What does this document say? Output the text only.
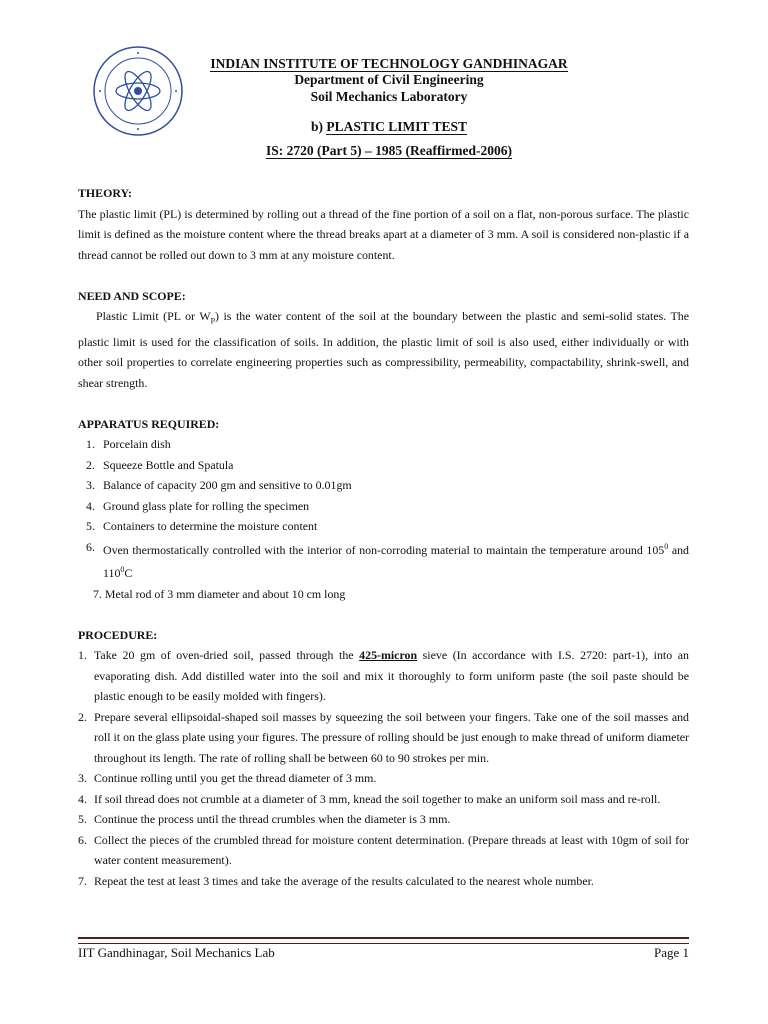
INDIAN INSTITUTE OF TECHNOLOGY GANDHINAGAR
Department of Civil Engineering
Soil Mechanics Laboratory
b) PLASTIC LIMIT TEST
IS: 2720 (Part 5) – 1985 (Reaffirmed-2006)

THEORY:

The plastic limit (PL) is determined by rolling out a thread of the fine portion of a soil on a flat, non-porous surface. The plastic limit is defined as the moisture content where the thread breaks apart at a diameter of 3 mm. A soil is considered non-plastic if a thread cannot be rolled out down to 3 mm at any moisture content.

NEED AND SCOPE:

Plastic Limit (PL or $W_P$) is the water content of the soil at the boundary between the plastic and semi-solid states. The plastic limit is used for the classification of soils. In addition, the plastic limit of soil is also used, either individually or with other soil properties to correlate engineering properties such as compressibility, permeability, compactability, shrink-swell, and shear strength.

APPARATUS REQUIRED:

1. Porcelain dish
2. Squeeze Bottle and Spatula
3. Balance of capacity 200 gm and sensitive to 0.01gm
4. Ground glass plate for rolling the specimen
5. Containers to determine the moisture content
6. Oven thermostatically controlled with the interior of non-corroding material to maintain the temperature around $105^0$ and $110^0C$
7. Metal rod of 3 mm diameter and about 10 cm long

PROCEDURE:

1. Take 20 gm of oven-dried soil, passed through the 425-micron sieve (In accordance with I.S. 2720: part-1), into an evaporating dish. Add distilled water into the soil and mix it thoroughly to form uniform paste (the soil paste should be plastic enough to be easily molded with fingers).
2. Prepare several ellipsoidal-shaped soil masses by squeezing the soil between your fingers. Take one of the soil masses and roll it on the glass plate using your figures. The pressure of rolling should be just enough to make thread of uniform diameter throughout its length. The rate of rolling shall be between 60 to 90 strokes per min.
3. Continue rolling until you get the thread diameter of 3 mm.
4. If soil thread does not crumble at a diameter of 3 mm, knead the soil together to make an uniform soil mass and re-roll.
5. Continue the process until the thread crumbles when the diameter is 3 mm.
6. Collect the pieces of the crumbled thread for moisture content determination. (Prepare threads at least with 10gm of soil for water content measurement).
7. Repeat the test at least 3 times and take the average of the results calculated to the nearest whole number.
IIT Gandhinagar, Soil Mechanics Lab	Page 1
